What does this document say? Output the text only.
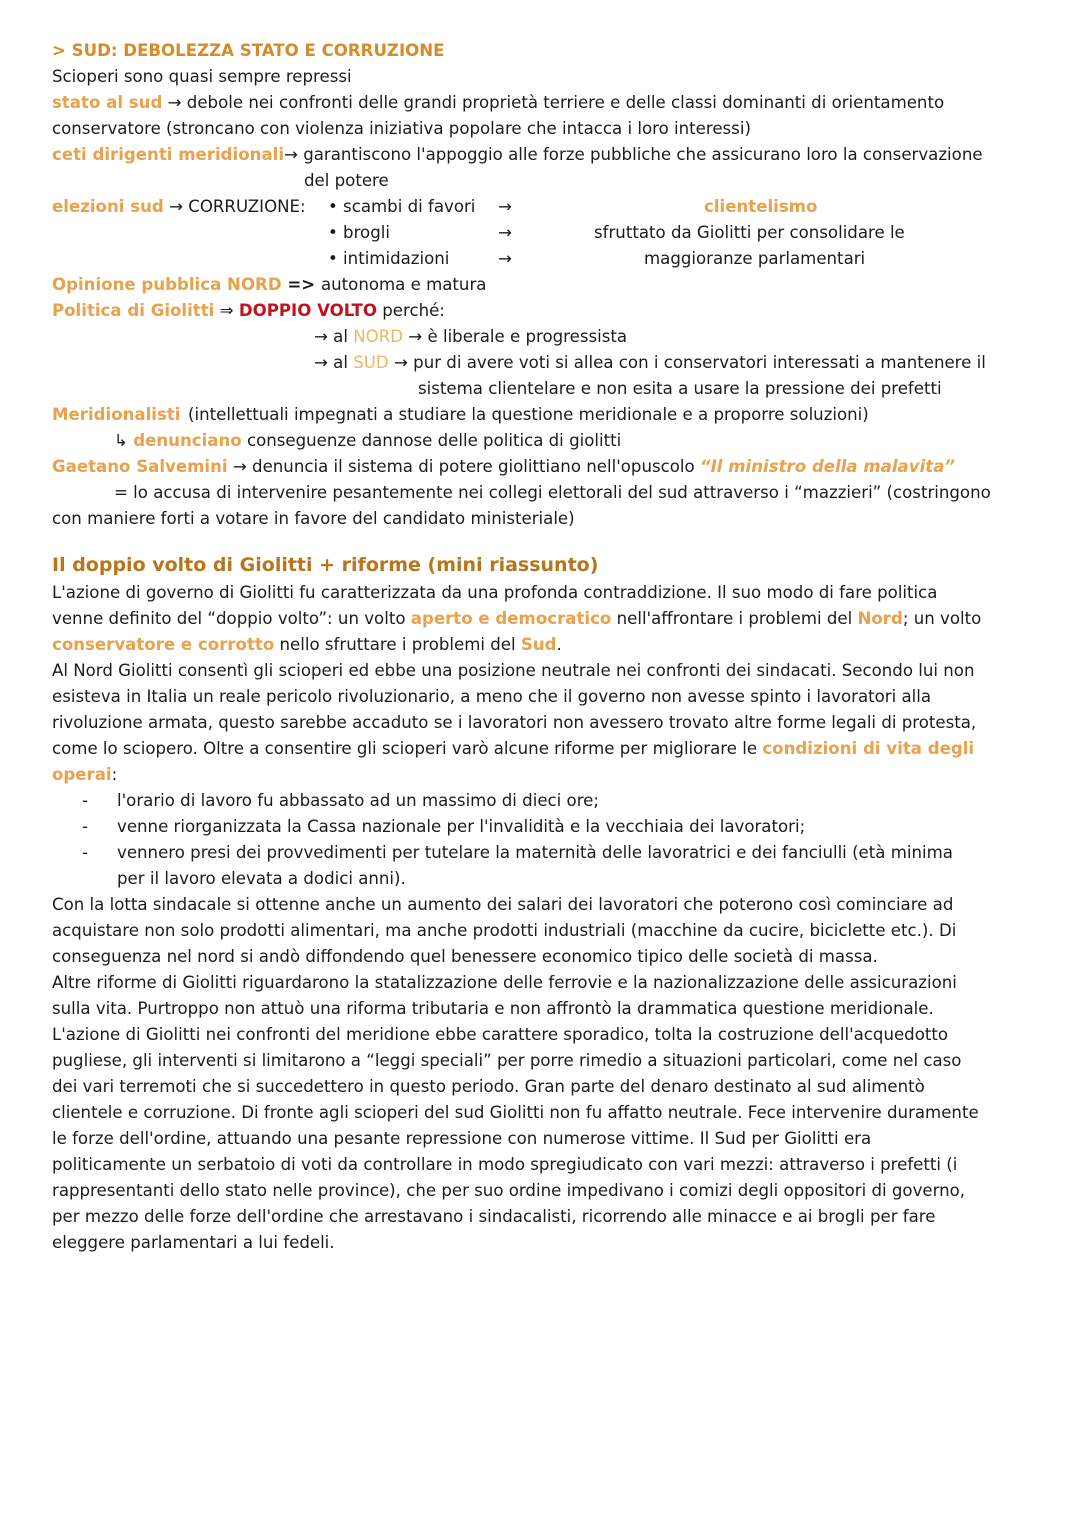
> SUD: DEBOLEZZA STATO E CORRUZIONE
Scioperi sono quasi sempre repressi
stato al sud → debole nei confronti delle grandi proprietà terriere e delle classi dominanti di orientamento
conservatore (stroncano con violenza iniziativa popolare che intacca i loro interessi)
ceti dirigenti meridionali→ garantiscono l'appoggio alle forze pubbliche che assicurano loro la conservazione
del potere
elezioni sud → CORRUZIONE: • scambi di favori →	clientelismo
• brogli	→	sfruttato da Giolitti per consolidare le
• intimidazioni	→	maggioranze parlamentari
Opinione pubblica NORD => autonoma e matura
Politica di Giolitti ⇒ DOPPIO VOLTO perché:
→ al NORD → è liberale e progressista
→ al SUD → pur di avere voti si allea con i conservatori interessati a mantenere il
sistema clientelare e non esita a usare la pressione dei prefetti
Meridionalisti (intellettuali impegnati a studiare la questione meridionale e a proporre soluzioni)
↳ denunciano conseguenze dannose delle politica di giolitti
Gaetano Salvemini → denuncia il sistema di potere giolittiano nell'opuscolo “Il ministro della malavita”
= lo accusa di intervenire pesantemente nei collegi elettorali del sud attraverso i “mazzieri” (costringono
con maniere forti a votare in favore del candidato ministeriale)
Il doppio volto di Giolitti + riforme (mini riassunto)
L'azione di governo di Giolitti fu caratterizzata da una profonda contraddizione. Il suo modo di fare politica
venne definito del “doppio volto”: un volto aperto e democratico nell'affrontare i problemi del Nord; un volto
conservatore e corrotto nello sfruttare i problemi del Sud.
Al Nord Giolitti consentì gli scioperi ed ebbe una posizione neutrale nei confronti dei sindacati. Secondo lui non
esisteva in Italia un reale pericolo rivoluzionario, a meno che il governo non avesse spinto i lavoratori alla
rivoluzione armata, questo sarebbe accaduto se i lavoratori non avessero trovato altre forme legali di protesta,
come lo sciopero. Oltre a consentire gli scioperi varò alcune riforme per migliorare le condizioni di vita degli
operai:
- l'orario di lavoro fu abbassato ad un massimo di dieci ore;
- venne riorganizzata la Cassa nazionale per l'invalidità e la vecchiaia dei lavoratori;
- vennero presi dei provvedimenti per tutelare la maternità delle lavoratrici e dei fanciulli (età minima
per il lavoro elevata a dodici anni).
Con la lotta sindacale si ottenne anche un aumento dei salari dei lavoratori che poterono così cominciare ad
acquistare non solo prodotti alimentari, ma anche prodotti industriali (macchine da cucire, biciclette etc.). Di
conseguenza nel nord si andò diffondendo quel benessere economico tipico delle società di massa.
Altre riforme di Giolitti riguardarono la statalizzazione delle ferrovie e la nazionalizzazione delle assicurazioni
sulla vita. Purtroppo non attuò una riforma tributaria e non affrontò la drammatica questione meridionale.
L'azione di Giolitti nei confronti del meridione ebbe carattere sporadico, tolta la costruzione dell'acquedotto
pugliese, gli interventi si limitarono a “leggi speciali” per porre rimedio a situazioni particolari, come nel caso
dei vari terremoti che si succedettero in questo periodo. Gran parte del denaro destinato al sud alimentò
clientele e corruzione. Di fronte agli scioperi del sud Giolitti non fu affatto neutrale. Fece intervenire duramente
le forze dell'ordine, attuando una pesante repressione con numerose vittime. Il Sud per Giolitti era
politicamente un serbatoio di voti da controllare in modo spregiudicato con vari mezzi: attraverso i prefetti (i
rappresentanti dello stato nelle province), che per suo ordine impedivano i comizi degli oppositori di governo,
per mezzo delle forze dell'ordine che arrestavano i sindacalisti, ricorrendo alle minacce e ai brogli per fare
eleggere parlamentari a lui fedeli.
